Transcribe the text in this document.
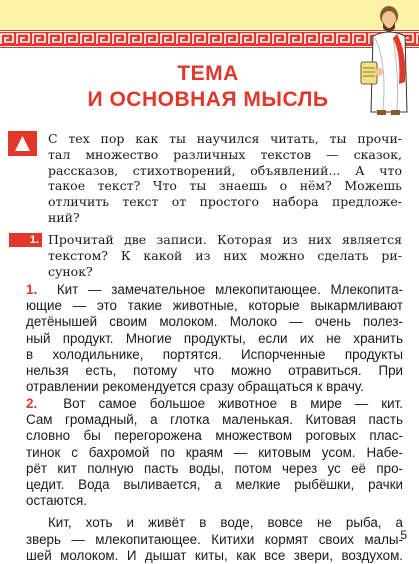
ТЕМА
И ОСНОВНАЯ МЫСЛЬ
С тех пор как ты научился читать, ты прочи-
тал множество различных текстов — сказок,
рассказов, стихотворений, объявлений... А что
такое текст? Что ты знаешь о нём? Можешь
отличить текст от простого набора предложе-
ний?
1. Прочитай две записи. Которая из них является
текстом? К какой из них можно сделать ри-
сунок?
1. Кит — замечательное млекопитающее. Млекопита-
ющие — это такие животные, которые выкармливают
детёнышей своим молоком. Молоко — очень полез-
ный продукт. Многие продукты, если их не хранить
в холодильнике, портятся. Испорченные продукты
нельзя есть, потому что можно отравиться. При
отравлении рекомендуется сразу обращаться к врачу.
2. Вот самое большое животное в мире — кит.
Сам громадный, а глотка маленькая. Китовая пасть
словно бы перегорожена множеством роговых плас-
тинок с бахромой по краям — китовым усом. Набе-
рёт кит полную пасть воды, потом через ус её про-
цедит. Вода выливается, а мелкие рыбёшки, рачки
остаются.
Кит, хоть и живёт в воде, вовсе не рыба, а
зверь — млекопитающее. Китихи кормят своих малы-
шей молоком. И дышат киты, как все звери, воздухом.
5
